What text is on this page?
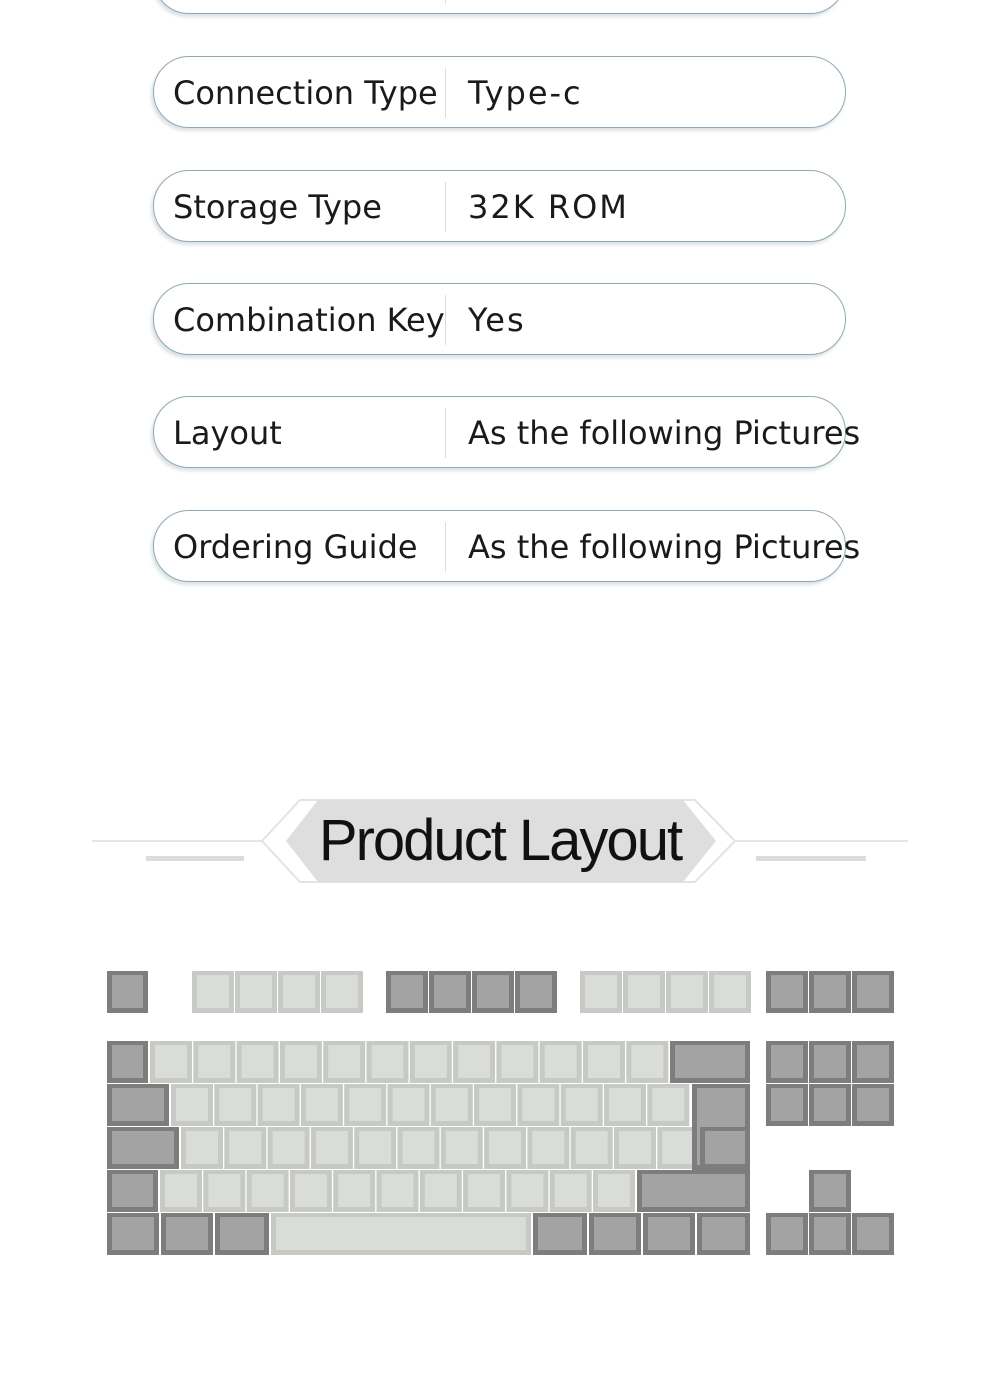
Connection Type Type-c
Storage Type	32K ROM
Combination Key Yes
Layout	As the following Pictures
Ordering Guide As the following Pictures
Product Layout
